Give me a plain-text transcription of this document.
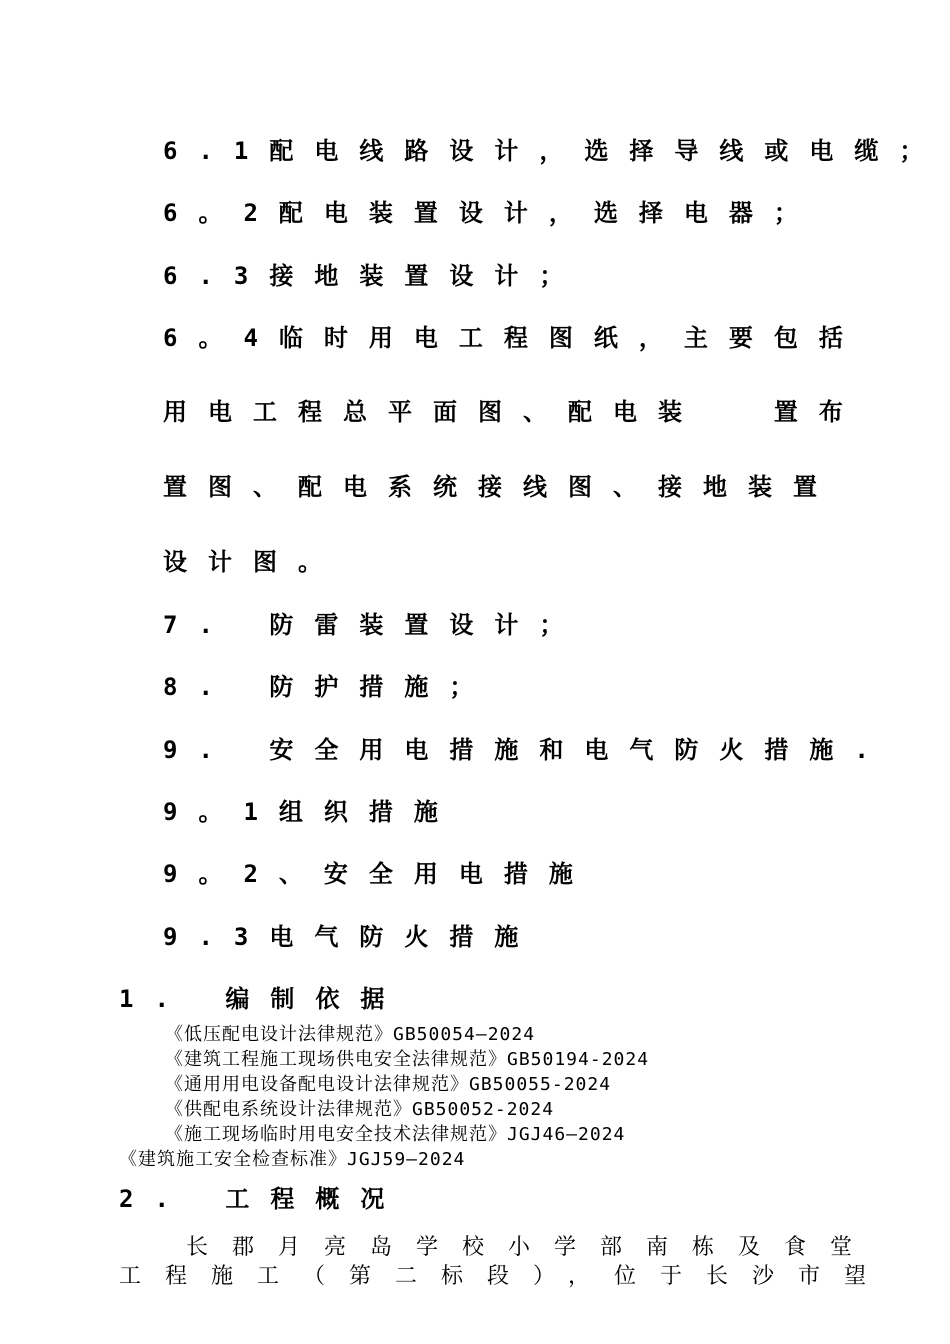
6.1配电线路设计，选择导线或电缆；
6。2配电装置设计，选择电器；
6.3接地装置设计；
6。4临时用电工程图纸，主要包括
用电工程总平面图、配电装  置布
置图、配电系统接线图、接地装置
设计图。
7. 防雷装置设计；
8. 防护措施；
9. 安全用电措施和电气防火措施.
9。1组织措施
9。2、安全用电措施
9.3电气防火措施
1. 编制依据
《低压配电设计法律规范》GB50054—2024
《建筑工程施工现场供电安全法律规范》GB50194-2024
《通用用电设备配电设计法律规范》GB50055-2024
《供配电系统设计法律规范》GB50052-2024
《施工现场临时用电安全技术法律规范》JGJ46—2024
《建筑施工安全检查标准》JGJ59—2024
2. 工程概况
长郡月亮岛学校小学部南栋及食堂
工程施工（第二标段），位于长沙市望
